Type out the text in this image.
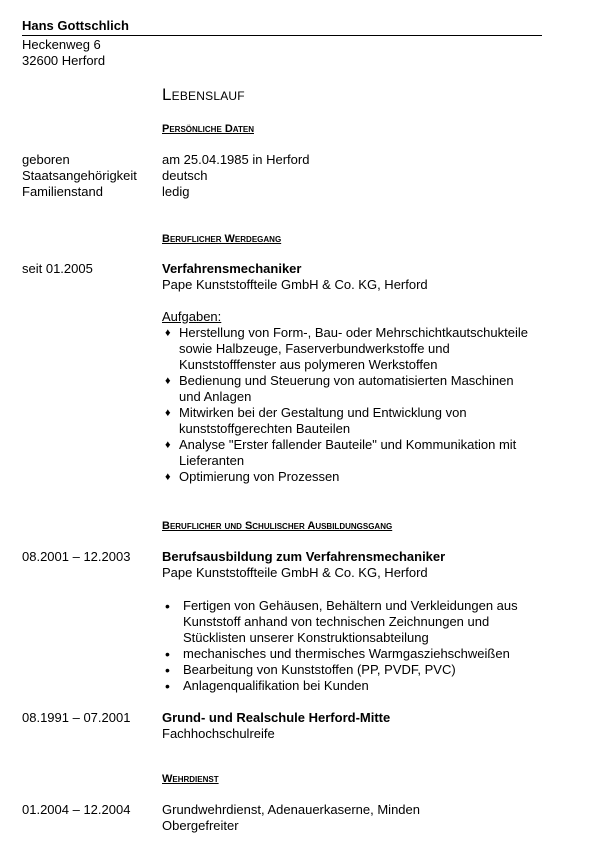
Hans Gottschlich
Heckenweg 6
32600 Herford
Lebenslauf
Persönliche Daten
geboren
Staatsangehörigkeit
Familienstand
am 25.04.1985 in Herford
deutsch
ledig
Beruflicher Werdegang
seit 01.2005	Verfahrensmechaniker
Pape Kunststoffteile GmbH & Co. KG, Herford
Aufgaben:
♦ Herstellung von Form-, Bau- oder Mehrschichtkautschukteile
sowie Halbzeuge, Faserverbundwerkstoffe und
Kunststofffenster aus polymeren Werkstoffen
♦ Bedienung und Steuerung von automatisierten Maschinen
und Anlagen
♦ Mitwirken bei der Gestaltung und Entwicklung von
kunststoffgerechten Bauteilen
♦ Analyse "Erster fallender Bauteile" und Kommunikation mit
Lieferanten
♦ Optimierung von Prozessen
Beruflicher und Schulischer Ausbildungsgang
08.2001 – 12.2003 Berufsausbildung zum Verfahrensmechaniker
Pape Kunststoffteile GmbH & Co. KG, Herford
• Fertigen von Gehäusen, Behältern und Verkleidungen aus
Kunststoff anhand von technischen Zeichnungen und
Stücklisten unserer Konstruktionsabteilung
• mechanisches und thermisches Warmgasziehschweißen
• Bearbeitung von Kunststoffen (PP, PVDF, PVC)
• Anlagenqualifikation bei Kunden
08.1991 – 07.2001 Grund- und Realschule Herford-Mitte
Fachhochschulreife
Wehrdienst
01.2004 – 12.2004 Grundwehrdienst, Adenauerkaserne, Minden
Obergefreiter
